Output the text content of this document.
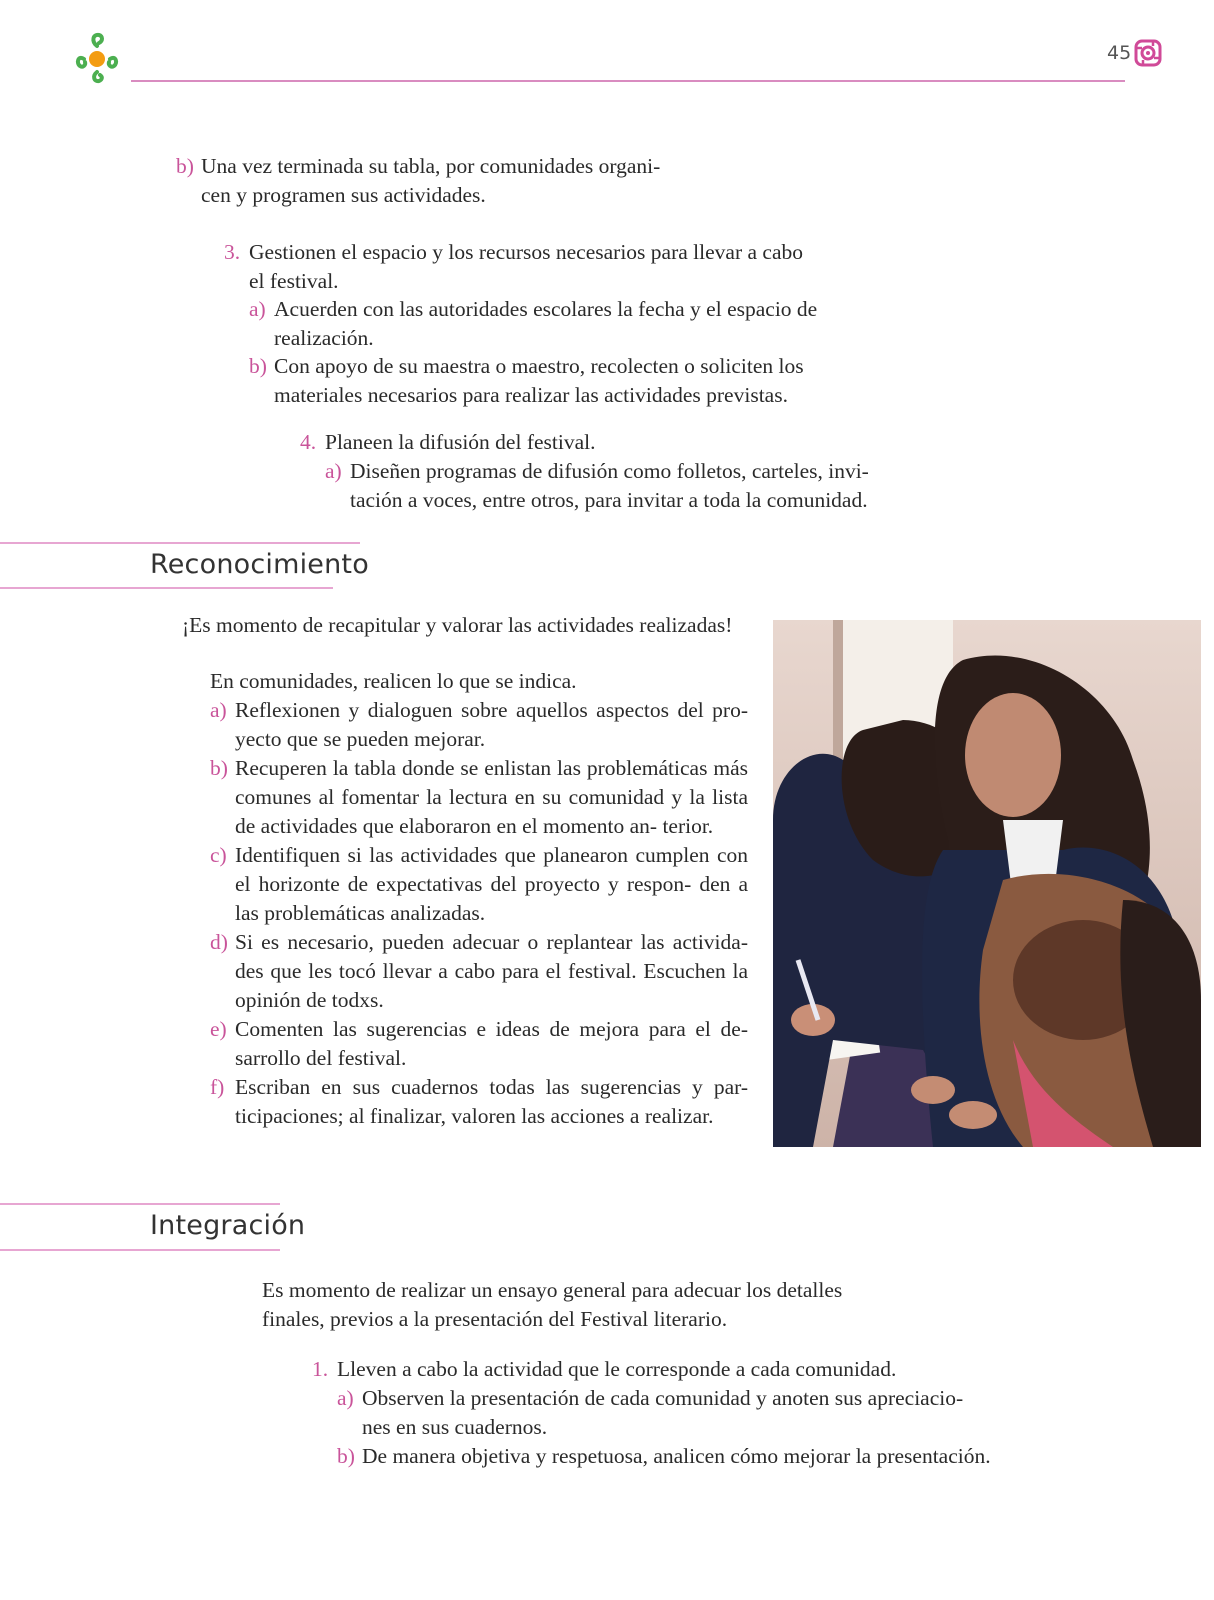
45
b) Una vez terminada su tabla, por comunidades organi-
cen y programen sus actividades.
3. Gestionen el espacio y los recursos necesarios para llevar a cabo
el festival.
a) Acuerden con las autoridades escolares la fecha y el espacio de
realización.
b) Con apoyo de su maestra o maestro, recolecten o soliciten los
materiales necesarios para realizar las actividades previstas.
4. Planeen la difusión del festival.
a) Diseñen programas de difusión como folletos, carteles, invi-
tación a voces, entre otros, para invitar a toda la comunidad.
Reconocimiento
¡Es momento de recapitular y valorar las actividades realizadas!
En comunidades, realicen lo que se indica.
a) Reflexionen y dialoguen sobre aquellos aspectos del pro- yecto que se pueden mejorar.
b) Recuperen la tabla donde se enlistan las problemáticas más comunes al fomentar la lectura en su comunidad y la lista de actividades que elaboraron en el momento an- terior.
c) Identifiquen si las actividades que planearon cumplen con el horizonte de expectativas del proyecto y respon- den a las problemáticas analizadas.
d) Si es necesario, pueden adecuar o replantear las activida- des que les tocó llevar a cabo para el festival. Escuchen la opinión de todxs.
e) Comenten las sugerencias e ideas de mejora para el de- sarrollo del festival.
f) Escriban en sus cuadernos todas las sugerencias y par- ticipaciones; al finalizar, valoren las acciones a realizar.
Integración
Es momento de realizar un ensayo general para adecuar los detalles
finales, previos a la presentación del Festival literario.
1. Lleven a cabo la actividad que le corresponde a cada comunidad.
a) Observen la presentación de cada comunidad y anoten sus apreciacio-
nes en sus cuadernos.
b) De manera objetiva y respetuosa, analicen cómo mejorar la presentación.
